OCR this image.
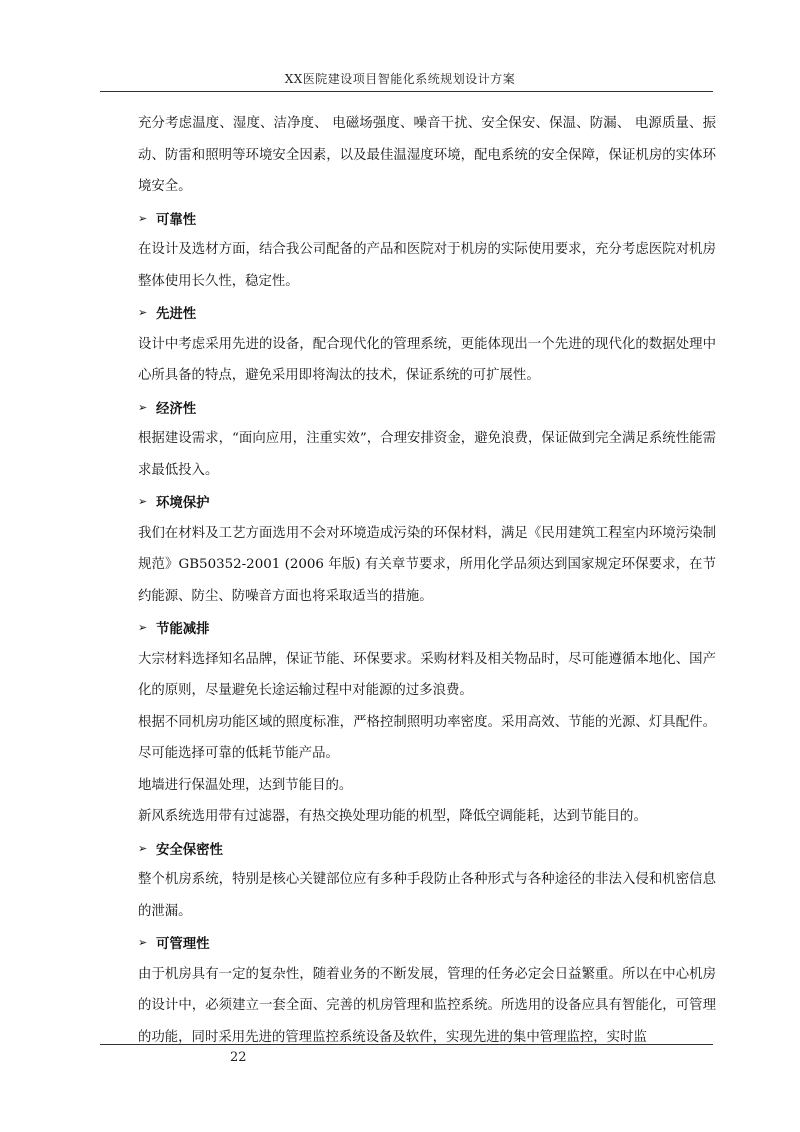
XX医院建设项目智能化系统规划设计方案

充分考虑温度、湿度、洁净度、 电磁场强度、噪音干扰、安全保安、保温、防漏、 电源质量、振动、防雷和照明等环境安全因素，以及最佳温湿度环境，配电系统的安全保障，保证机房的实体环境安全。

➢ 可靠性

在设计及选材方面，结合我公司配备的产品和医院对于机房的实际使用要求，充分考虑医院对机房整体使用长久性，稳定性。

➢ 先进性

设计中考虑采用先进的设备，配合现代化的管理系统，更能体现出一个先进的现代化的数据处理中心所具备的特点，避免采用即将淘汰的技术，保证系统的可扩展性。

➢ 经济性

根据建设需求，“面向应用，注重实效”，合理安排资金，避免浪费，保证做到完全满足系统性能需求最低投入。

➢ 环境保护

我们在材料及工艺方面选用不会对环境造成污染的环保材料，满足《民用建筑工程室内环境污染制规范》GB50352-2001 (2006 年版) 有关章节要求，所用化学品须达到国家规定环保要求，在节约能源、防尘、防噪音方面也将采取适当的措施。

➢ 节能减排

大宗材料选择知名品牌，保证节能、环保要求。采购材料及相关物品时，尽可能遵循本地化、国产化的原则，尽量避免长途运输过程中对能源的过多浪费。

根据不同机房功能区域的照度标准，严格控制照明功率密度。采用高效、节能的光源、灯具配件。尽可能选择可靠的低耗节能产品。

地墙进行保温处理，达到节能目的。

新风系统选用带有过滤器，有热交换处理功能的机型，降低空调能耗，达到节能目的。

➢ 安全保密性

整个机房系统，特别是核心关键部位应有多种手段防止各种形式与各种途径的非法入侵和机密信息的泄漏。

➢ 可管理性

由于机房具有一定的复杂性，随着业务的不断发展，管理的任务必定会日益繁重。所以在中心机房的设计中，必须建立一套全面、完善的机房管理和监控系统。所选用的设备应具有智能化，可管理的功能，同时采用先进的管理监控系统设备及软件，实现先进的集中管理监控，实时监

22
